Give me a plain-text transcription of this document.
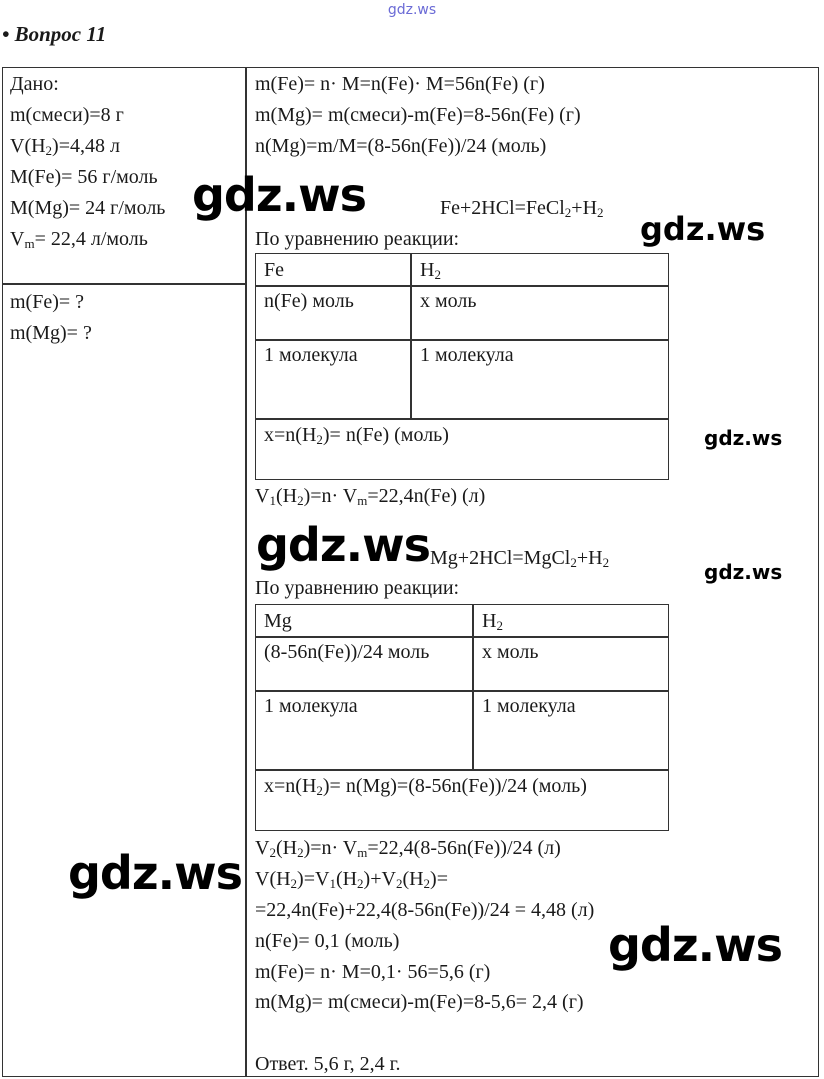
gdz.ws
• Вопрос 11
Дано:
m(смеси)=8 г
$V(H_2)=4,48$ л
M(Fe)= 56 г/моль
M(Mg)= 24 г/моль
$V_m= 22,4$ л/моль
m(Fe)= ?
m(Mg)= ?
m(Fe)= n· M=n(Fe)· M=56n(Fe) (г)
m(Mg)= m(смеси)-m(Fe)=8-56n(Fe) (г)
n(Mg)=m/M=(8-56n(Fe))/24 (моль)
$Fe+2HCl=FeCl_2+H_2$
По уравнению реакции:
Fe	$H_2$
n(Fe) моль	x моль
1 молекула	1 молекула
$x=n(H_2)= n(Fe)$ (моль)
$V_1(H_2)=n\cdot V_m=22,4n(Fe)$ (л)
$Mg+2HCl=MgCl_2+H_2$
По уравнению реакции:
Mg	$H_2$
(8-56n(Fe))/24 моль	x моль
1 молекула	1 молекула
$x=n(H_2)= n(Mg)=(8-56n(Fe))/24$ (моль)
$V_2(H_2)=n\cdot V_m=22,4(8-56n(Fe))/24$ (л)
$V(H_2)=V_1(H_2)+V_2(H_2)=$
=22,4n(Fe)+22,4(8-56n(Fe))/24 = 4,48 (л)
n(Fe)= 0,1 (моль)
m(Fe)= n· M=0,1· 56=5,6 (г)
m(Mg)= m(смеси)-m(Fe)=8-5,6= 2,4 (г)
Ответ. 5,6 г, 2,4 г.
gdz.ws
gdz.ws
gdz.ws
gdz.ws	gdz.ws
gdz.ws
gdz.ws
